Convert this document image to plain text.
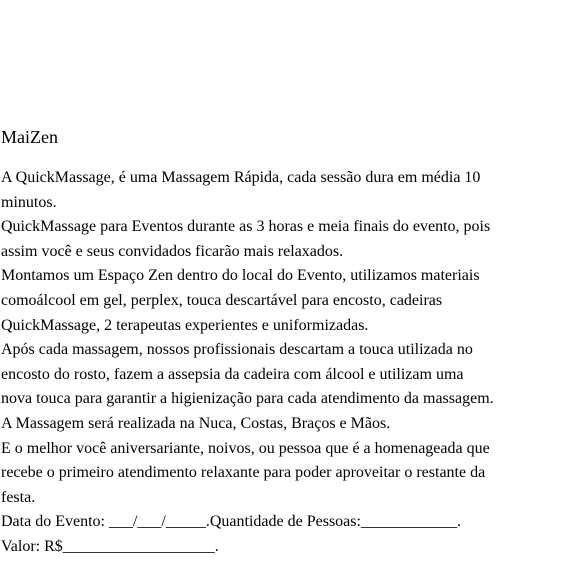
MaiZen
A QuickMassage, é uma Massagem Rápida, cada sessão dura em média 10
minutos.
QuickMassage para Eventos durante as 3 horas e meia finais do evento, pois
assim você e seus convidados ficarão mais relaxados.
Montamos um Espaço Zen dentro do local do Evento, utilizamos materiais
comoálcool em gel, perplex, touca descartável para encosto, cadeiras
QuickMassage, 2 terapeutas experientes e uniformizadas.
Após cada massagem, nossos profissionais descartam a touca utilizada no
encosto do rosto, fazem a assepsia da cadeira com álcool e utilizam uma
nova touca para garantir a higienização para cada atendimento da massagem.
A Massagem será realizada na Nuca, Costas, Braços e Mãos.
E o melhor você aniversariante, noivos, ou pessoa que é a homenageada que
recebe o primeiro atendimento relaxante para poder aproveitar o restante da
festa.
Data do Evento: ___/___/_____.Quantidade de Pessoas:____________.
Valor: R$___________________.
